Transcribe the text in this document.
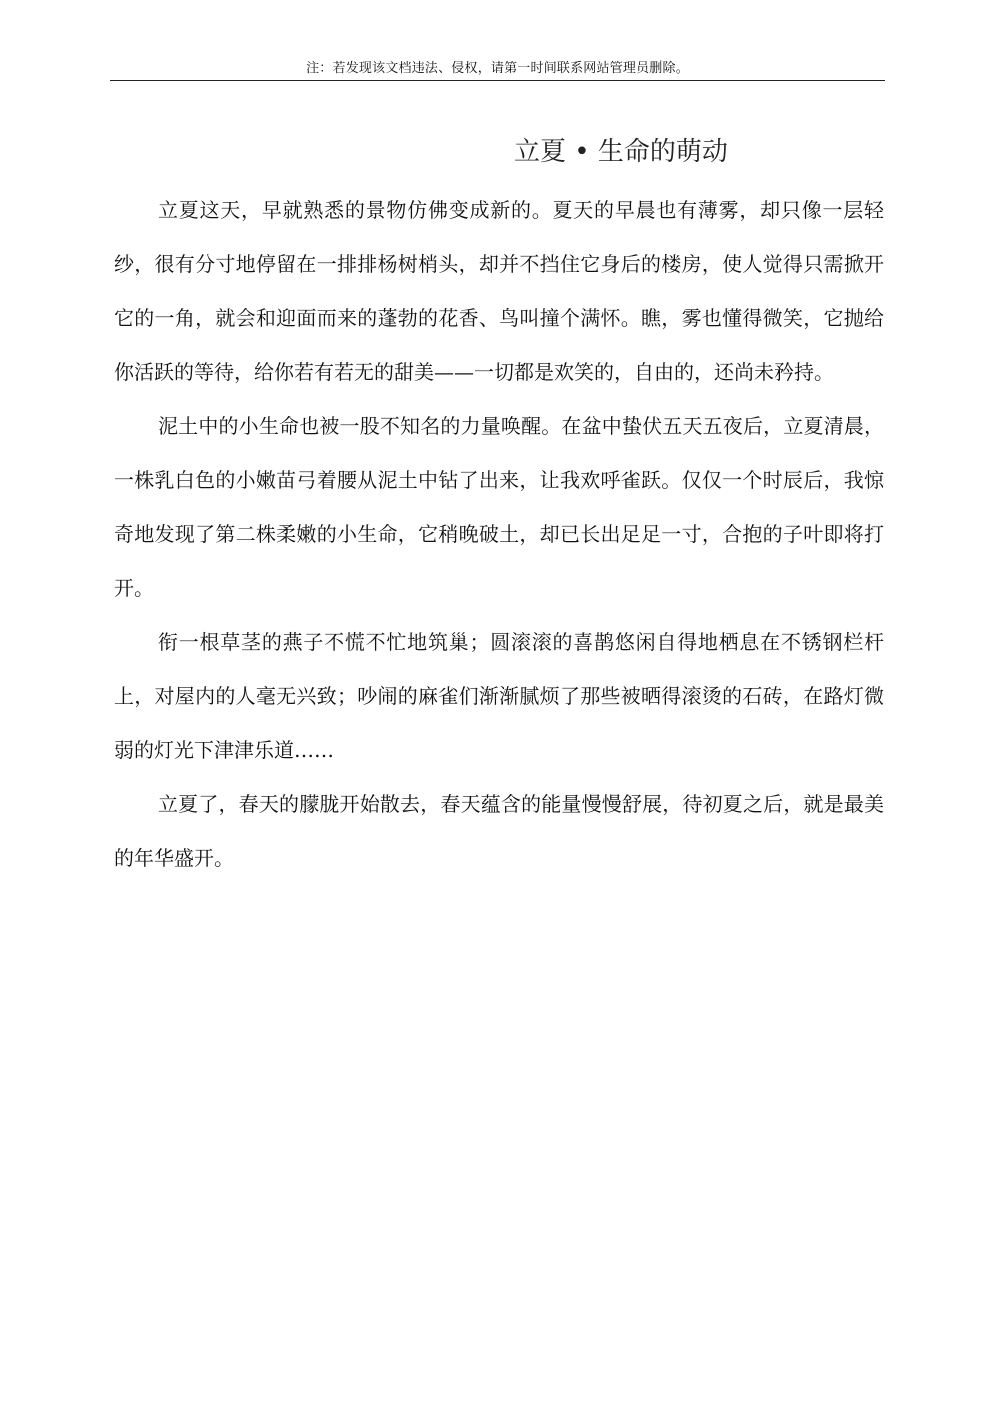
注：若发现该文档违法、侵权，请第一时间联系网站管理员删除。
立夏 • 生命的萌动

立夏这天，早就熟悉的景物仿佛变成新的。夏天的早晨也有薄雾，却只像一层轻纱，很有分寸地停留在一排排杨树梢头，却并不挡住它身后的楼房，使人觉得只需掀开它的一角，就会和迎面而来的蓬勃的花香、鸟叫撞个满怀。瞧，雾也懂得微笑，它抛给你活跃的等待，给你若有若无的甜美——一切都是欢笑的，自由的，还尚未矜持。

泥土中的小生命也被一股不知名的力量唤醒。在盆中蛰伏五天五夜后，立夏清晨，一株乳白色的小嫩苗弓着腰从泥土中钻了出来，让我欢呼雀跃。仅仅一个时辰后，我惊奇地发现了第二株柔嫩的小生命，它稍晚破土，却已长出足足一寸，合抱的子叶即将打开。

衔一根草茎的燕子不慌不忙地筑巢；圆滚滚的喜鹊悠闲自得地栖息在不锈钢栏杆上，对屋内的人毫无兴致；吵闹的麻雀们渐渐腻烦了那些被晒得滚烫的石砖，在路灯微弱的灯光下津津乐道……

立夏了，春天的朦胧开始散去，春天蕴含的能量慢慢舒展，待初夏之后，就是最美的年华盛开。
